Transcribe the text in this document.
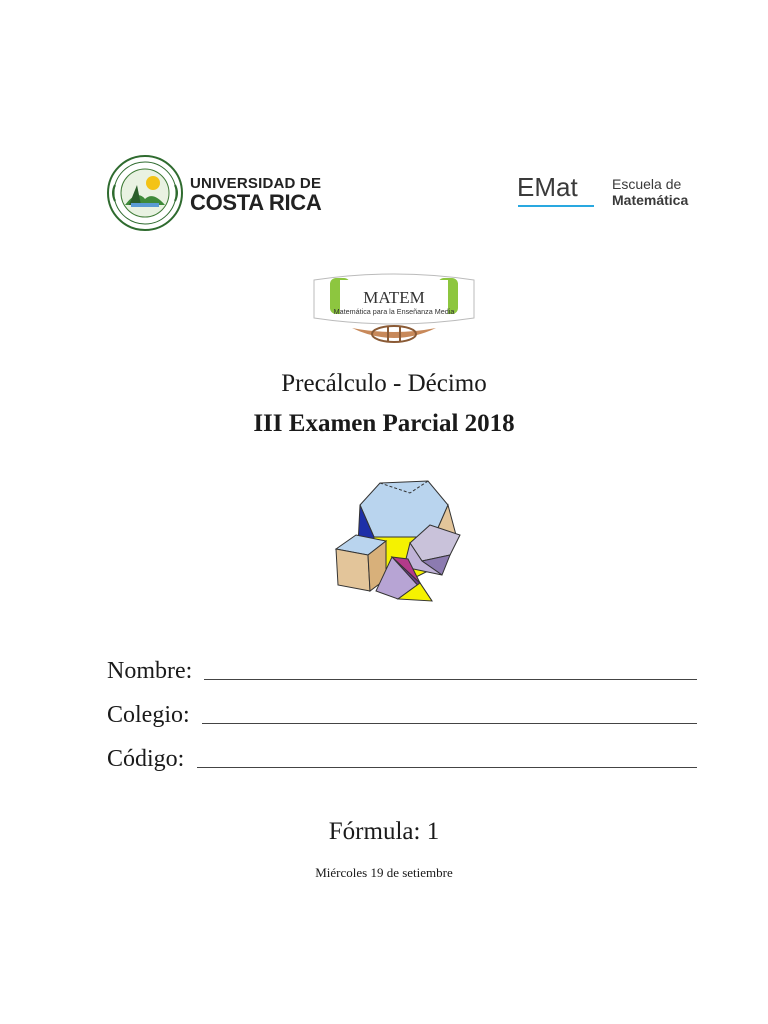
UNIVERSIDAD DE
COSTA RICA
EMat Escuela de
Matemática
MATEM
Matemática para la Enseñanza Media
Precálculo - Décimo
III Examen Parcial 2018
Nombre:
Colegio:
Código:
Fórmula: 1
Miércoles 19 de setiembre
